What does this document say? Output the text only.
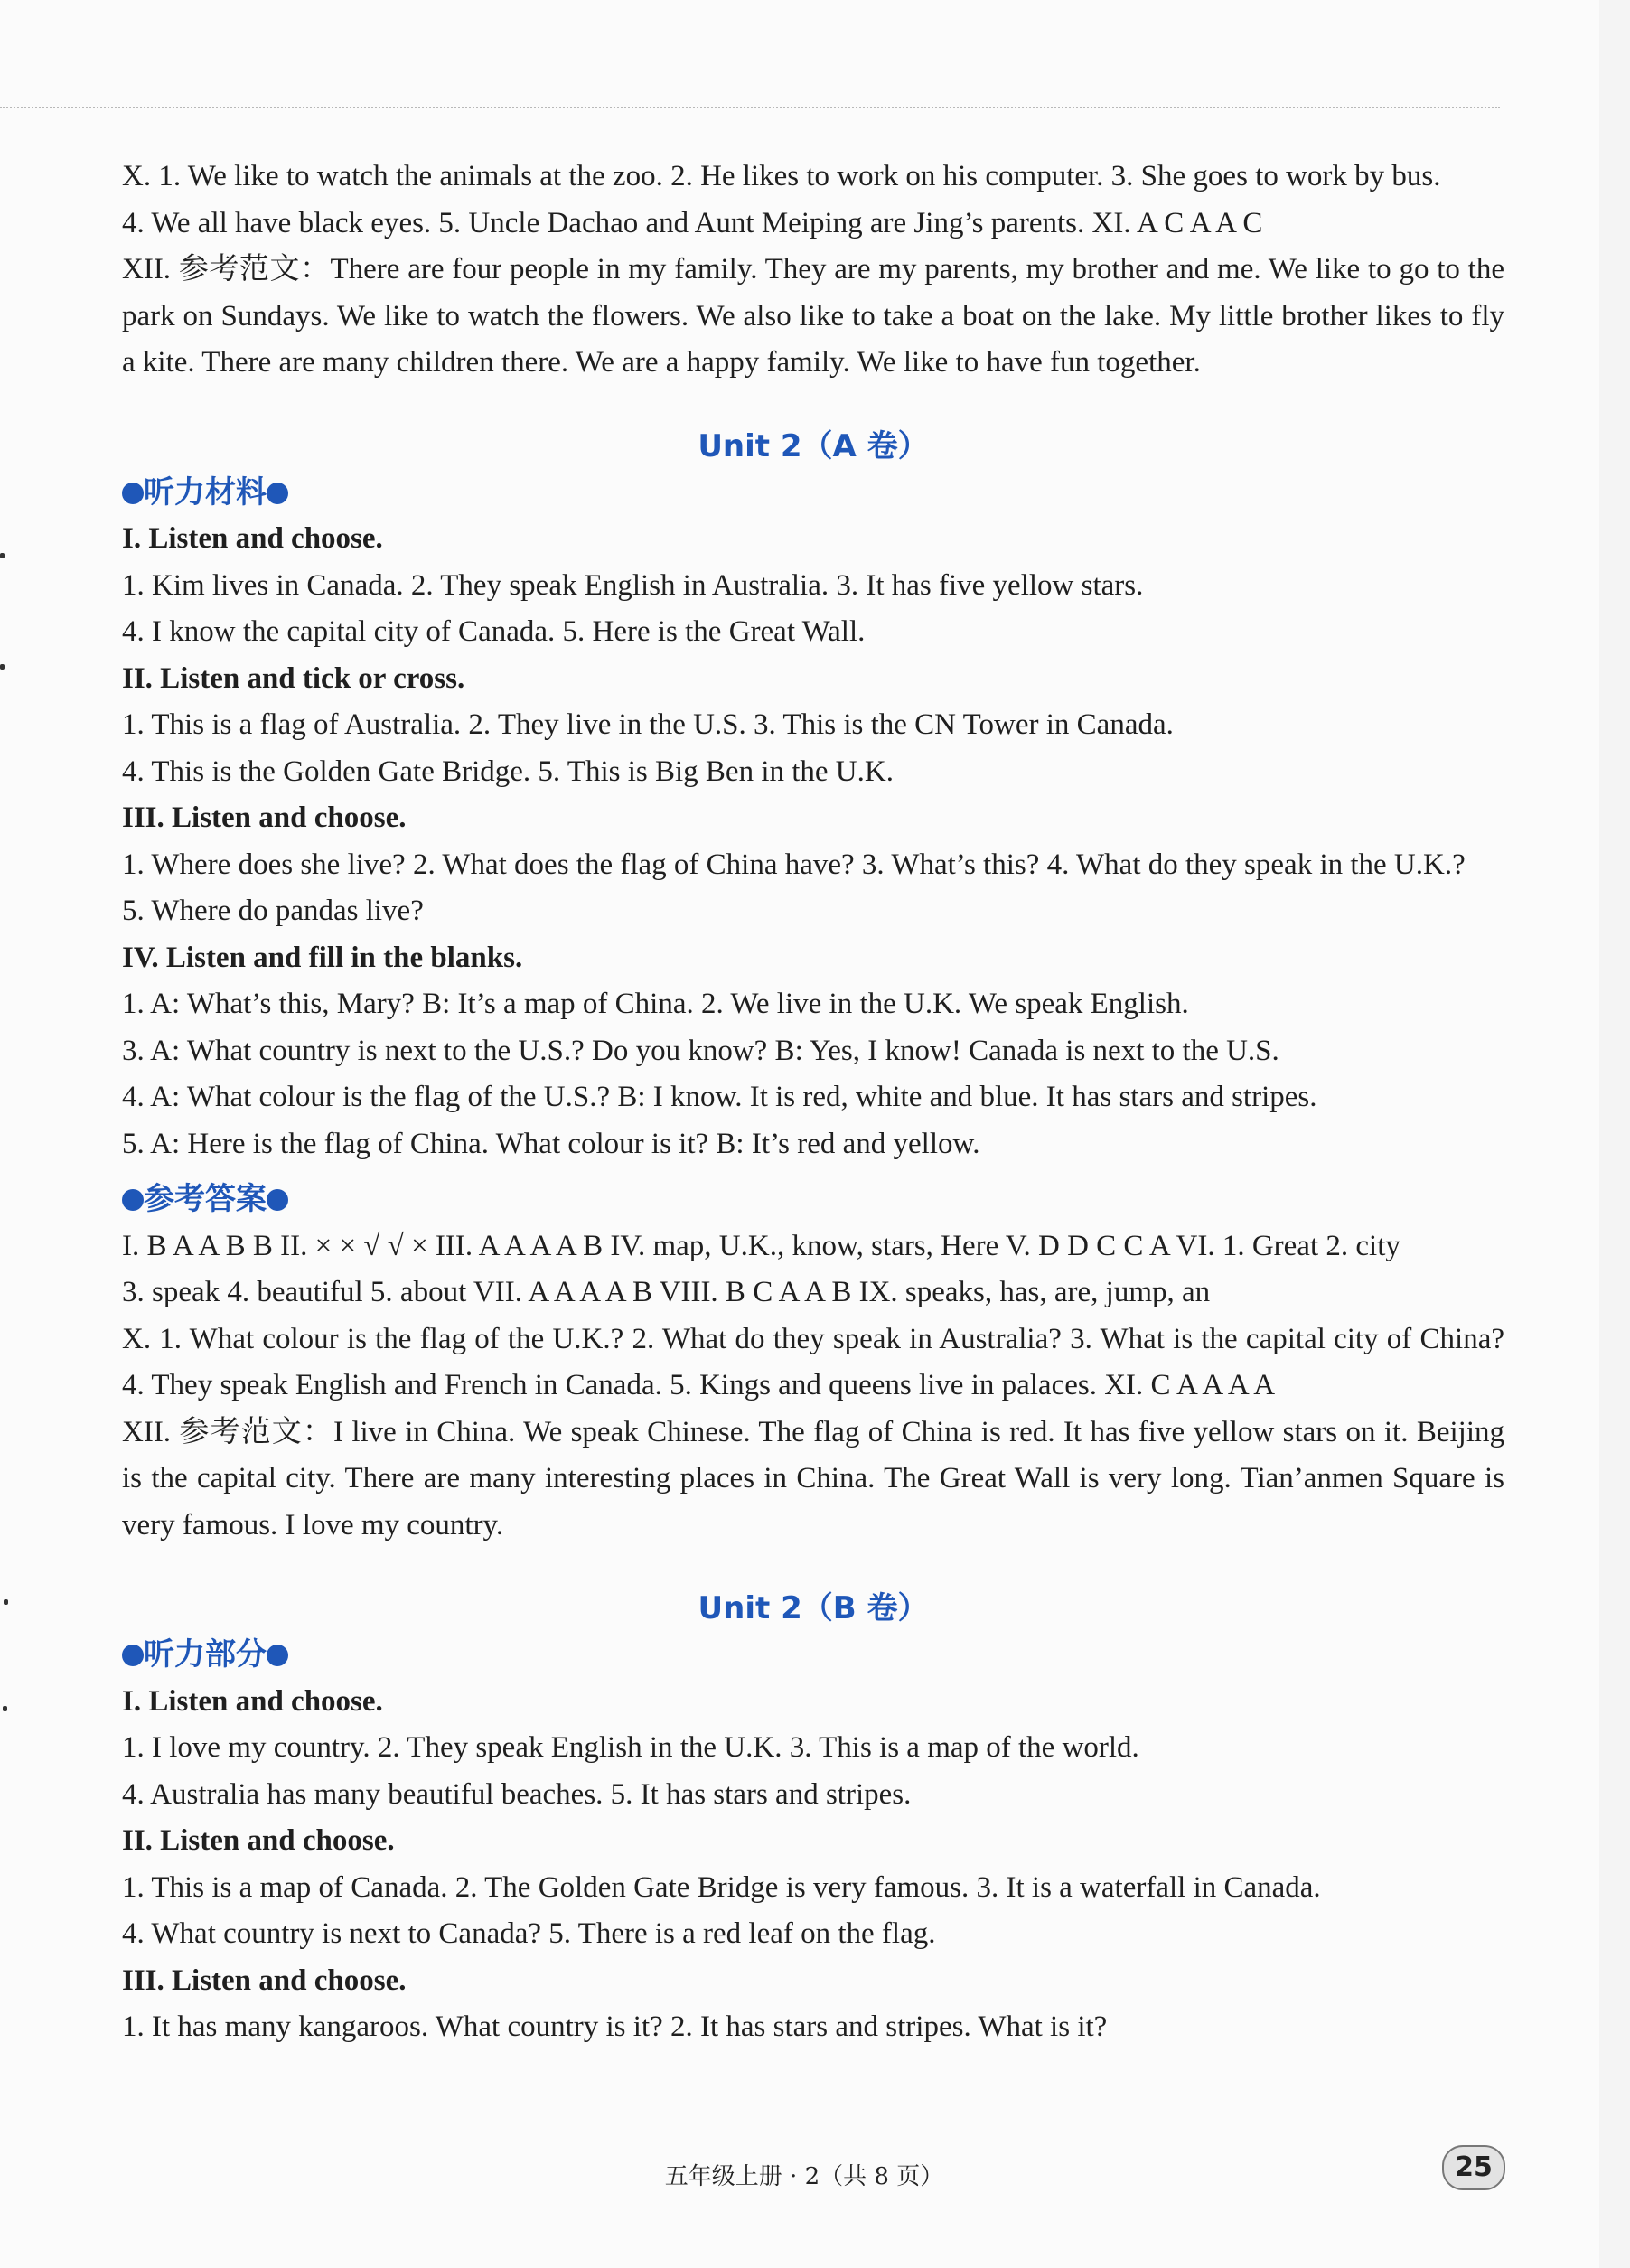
X. 1. We like to watch the animals at the zoo. 2. He likes to work on his computer. 3. She goes to work by bus.

4. We all have black eyes. 5. Uncle Dachao and Aunt Meiping are Jing’s parents. XI. A C A A C

XII. 参考范文：There are four people in my family. They are my parents, my brother and me. We like to go to the park on Sundays. We like to watch the flowers. We also like to take a boat on the lake. My little brother likes to fly a kite. There are many children there. We are a happy family. We like to have fun together.

Unit 2（A 卷）

听力材料

I. Listen and choose.

1. Kim lives in Canada. 2. They speak English in Australia. 3. It has five yellow stars.

4. I know the capital city of Canada. 5. Here is the Great Wall.

II. Listen and tick or cross.

1. This is a flag of Australia. 2. They live in the U.S. 3. This is the CN Tower in Canada.

4. This is the Golden Gate Bridge. 5. This is Big Ben in the U.K.

III. Listen and choose.

1. Where does she live? 2. What does the flag of China have? 3. What’s this? 4. What do they speak in the U.K.?

5. Where do pandas live?

IV. Listen and fill in the blanks.

1. A: What’s this, Mary? B: It’s a map of China. 2. We live in the U.K. We speak English.

3. A: What country is next to the U.S.? Do you know? B: Yes, I know! Canada is next to the U.S.

4. A: What colour is the flag of the U.S.? B: I know. It is red, white and blue. It has stars and stripes.

5. A: Here is the flag of China. What colour is it? B: It’s red and yellow.

参考答案

I. B A A B B II. × × √ √ × III. A A A A B IV. map, U.K., know, stars, Here V. D D C C A VI. 1. Great 2. city

3. speak 4. beautiful 5. about VII. A A A A B VIII. B C A A B IX. speaks, has, are, jump, an

X. 1. What colour is the flag of the U.K.? 2. What do they speak in Australia? 3. What is the capital city of China? 4. They speak English and French in Canada. 5. Kings and queens live in palaces. XI. C A A A A

XII. 参考范文：I live in China. We speak Chinese. The flag of China is red. It has five yellow stars on it. Beijing is the capital city. There are many interesting places in China. The Great Wall is very long. Tian’anmen Square is very famous. I love my country.

Unit 2（B 卷）

听力部分

I. Listen and choose.

1. I love my country. 2. They speak English in the U.K. 3. This is a map of the world.

4. Australia has many beautiful beaches. 5. It has stars and stripes.

II. Listen and choose.

1. This is a map of Canada. 2. The Golden Gate Bridge is very famous. 3. It is a waterfall in Canada.

4. What country is next to Canada? 5. There is a red leaf on the flag.

III. Listen and choose.

1. It has many kangaroos. What country is it? 2. It has stars and stripes. What is it?

五年级上册 · 2（共 8 页）	25
